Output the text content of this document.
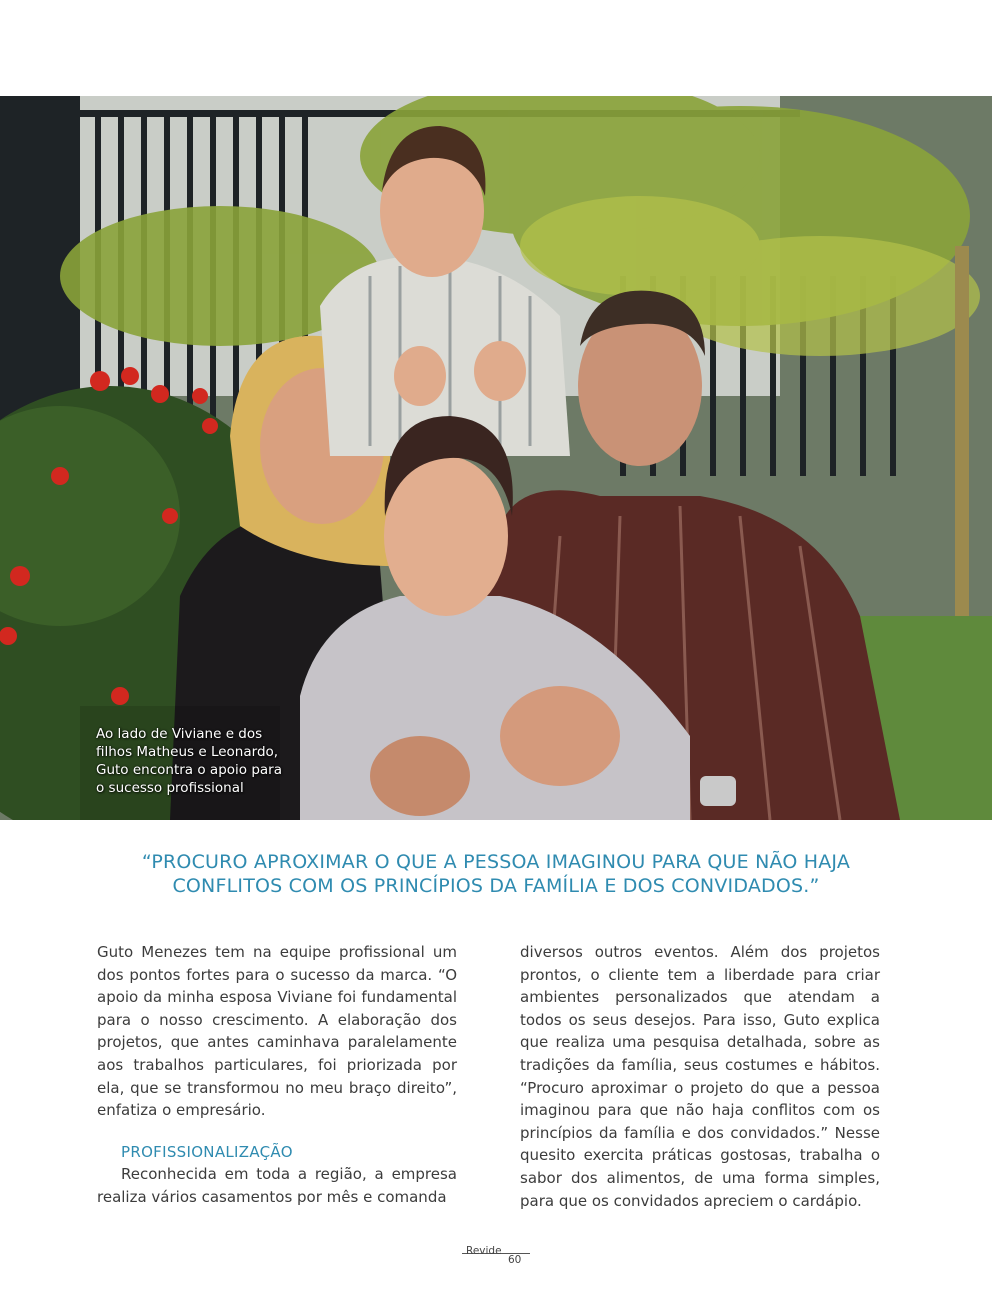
Ao lado de Viviane e dos
filhos Matheus e Leonardo,
Guto encontra o apoio para
o sucesso profissional
“PROCURO APROXIMAR O QUE A PESSOA IMAGINOU PARA QUE NÃO HAJA
CONFLITOS COM OS PRINCÍPIOS DA FAMÍLIA E DOS CONVIDADOS.”

Guto Menezes tem na equipe profissional um dos pontos fortes para o sucesso da marca. “O apoio da minha esposa Viviane foi fundamental para o nosso crescimento. A elaboração dos projetos, que antes caminhava paralelamente aos trabalhos particulares, foi priorizada por ela, que se transformou no meu braço direito”, enfatiza o empresário.

PROFISSIONALIZAÇÃO

Reconhecida em toda a região, a empresa realiza vários casamentos por mês e comanda

diversos outros eventos. Além dos projetos prontos, o cliente tem a liberdade para criar ambientes personalizados que atendam a todos os seus desejos. Para isso, Guto explica que realiza uma pesquisa detalhada, sobre as tradições da família, seus costumes e hábitos. “Procuro aproximar o projeto do que a pessoa imaginou para que não haja conflitos com os princípios da família e dos convidados.” Nesse quesito exercita práticas gostosas, trabalha o sabor dos alimentos, de uma forma simples, para que os convidados apreciem o cardápio.

Revide
60
